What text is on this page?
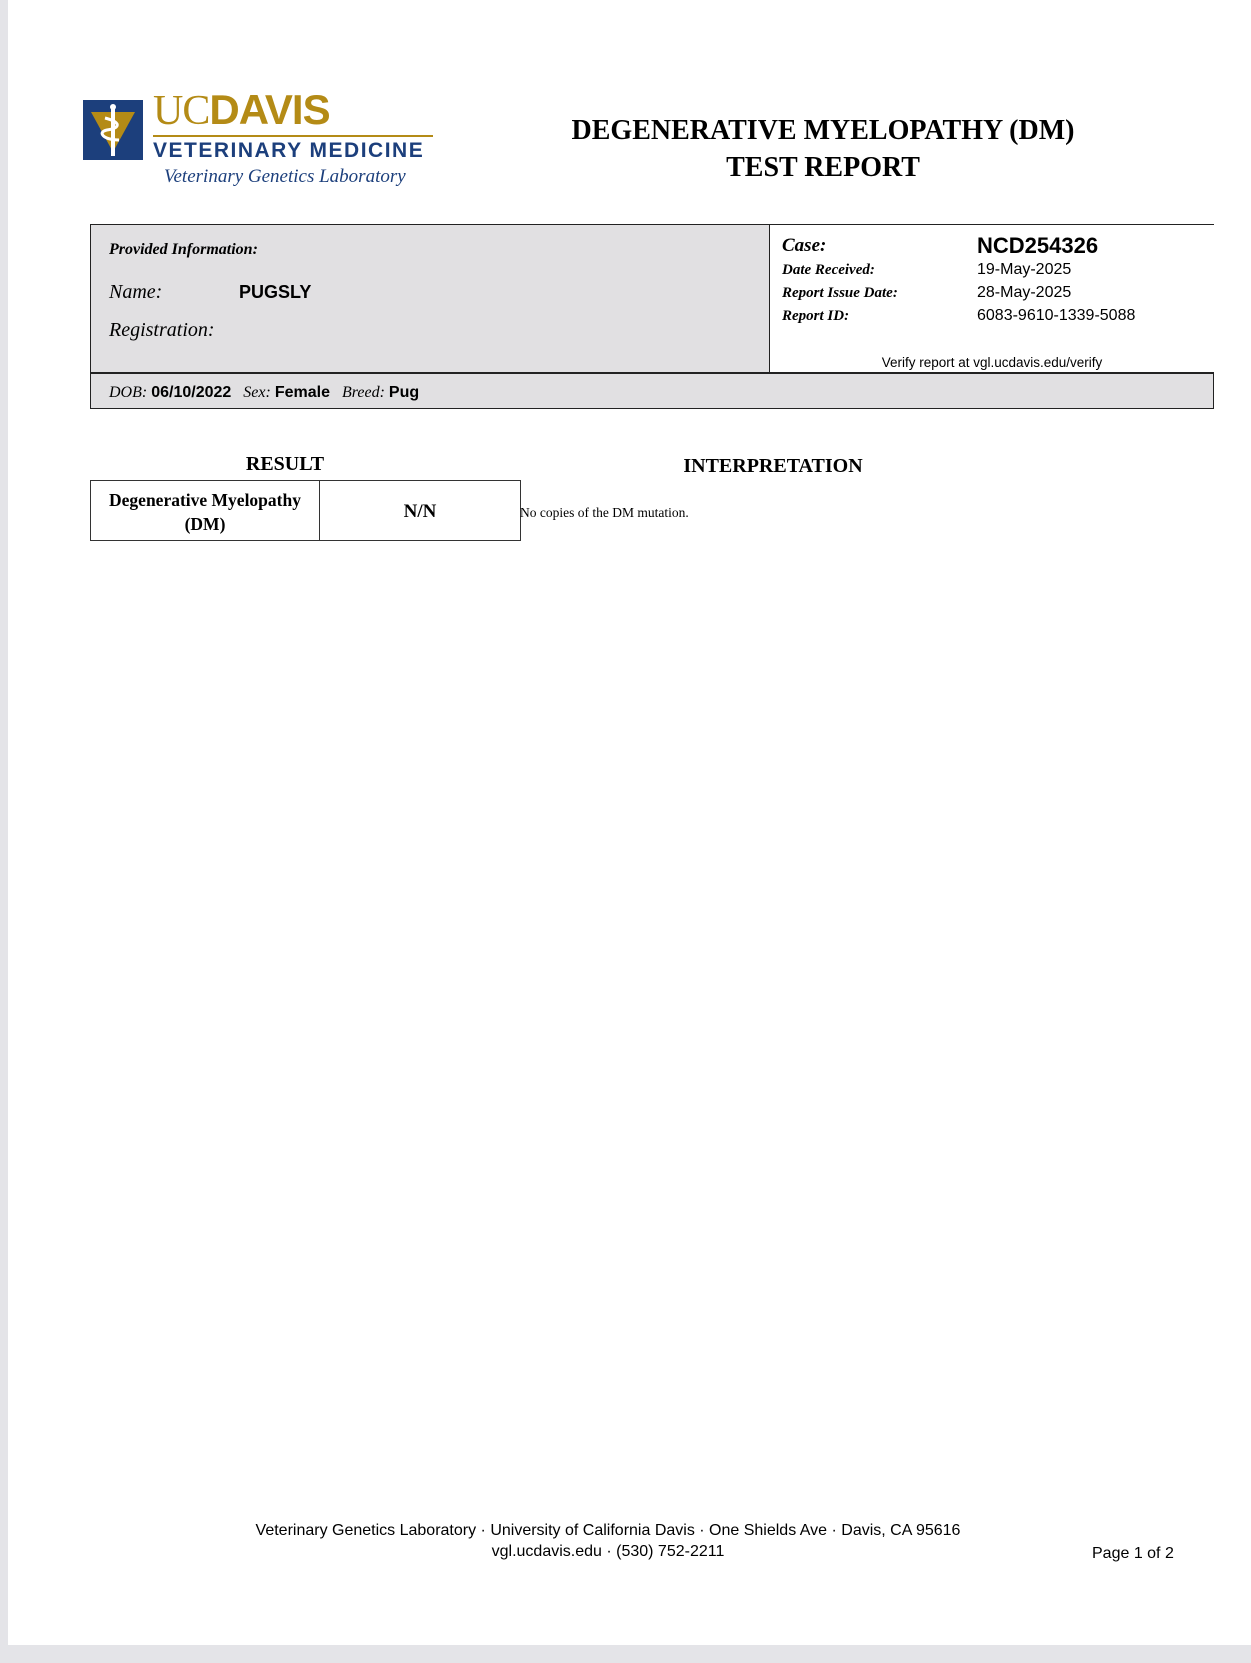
UCDAVIS
VETERINARY MEDICINE
Veterinary Genetics Laboratory
DEGENERATIVE MYELOPATHY (DM)
TEST REPORT
Provided Information:
Name:	PUGSLY
Registration:
Case:	NCD254326
Date Received:	19-May-2025
Report Issue Date:	28-May-2025
Report ID:	6083-9610-1339-5088
Verify report at vgl.ucdavis.edu/verify
DOB: 06/10/2022 Sex: Female Breed: Pug
RESULT	INTERPRETATION
Degenerative Myelopathy
(DM)
N/N	No copies of the DM mutation.
Veterinary Genetics Laboratory · University of California Davis · One Shields Ave · Davis, CA 95616
vgl.ucdavis.edu · (530) 752-2211	Page 1 of 2
